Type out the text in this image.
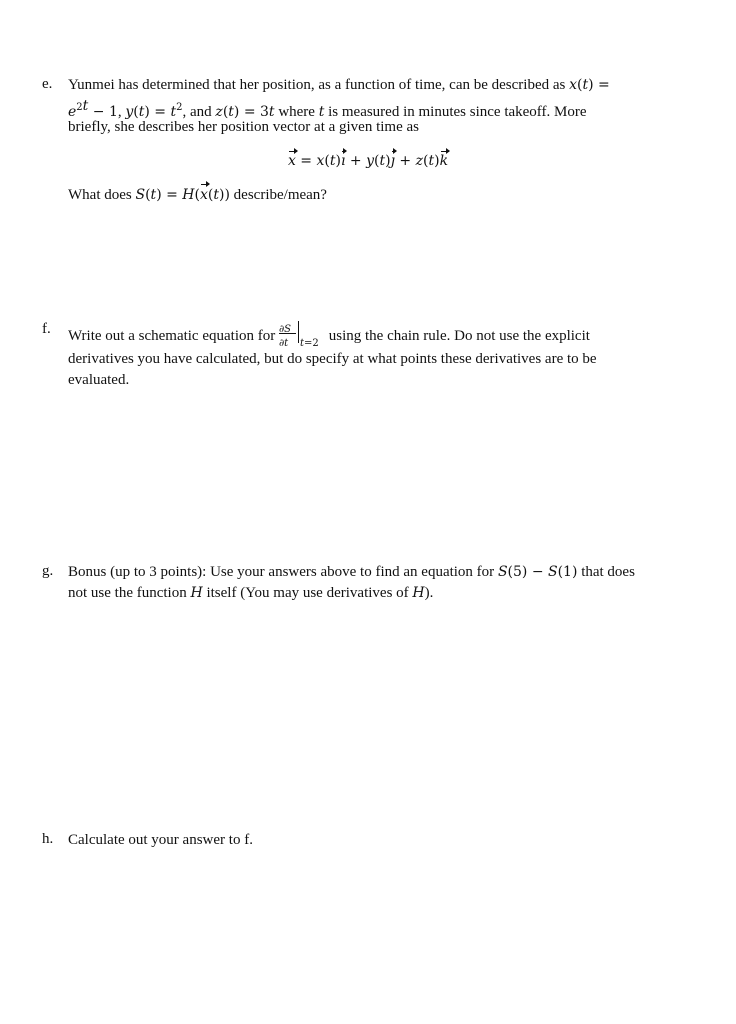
e. Yunmei has determined that her position, as a function of time, can be described as x(t) =
$e^{2t} - 1$, $y(t) = t^2$, and z(t) = 3t where t is measured in minutes since takeoff. More
briefly, she describes her position vector at a given time as
x = x(t)ı + y(t)ȷ + z(t)k
What does S(t) = H(x(t)) describe/mean?
f. Write out a schematic equation for ∂S
∂t t=2 using the chain rule. Do not use the explicit
derivatives you have calculated, but do specify at what points these derivatives are to be
evaluated.
g. Bonus (up to 3 points): Use your answers above to find an equation for S(5) − S(1) that does
not use the function H itself (You may use derivatives of H).
h. Calculate out your answer to f.
